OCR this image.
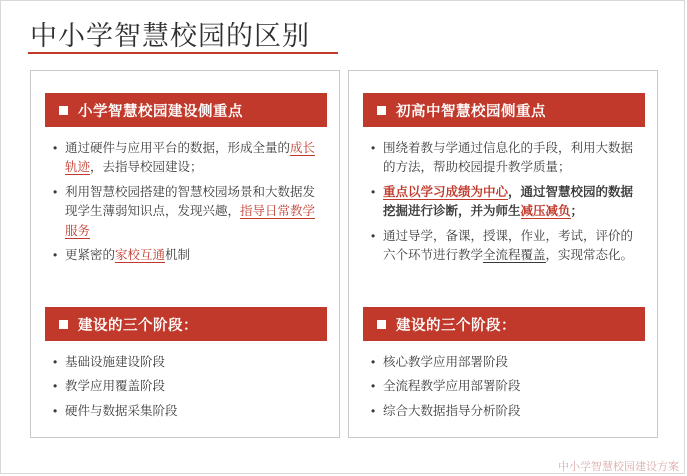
中小学智慧校园的区别
小学智慧校园建设侧重点
• 通过硬件与应用平台的数据，形成全量的成长轨迹，去指导校园建设；
• 利用智慧校园搭建的智慧校园场景和大数据发现学生薄弱知识点，发现兴趣，指导日常教学服务
• 更紧密的家校互通机制
建设的三个阶段：
• 基础设施建设阶段
• 教学应用覆盖阶段
• 硬件与数据采集阶段
初高中智慧校园侧重点
• 围绕着教与学通过信息化的手段，利用大数据的方法，帮助校园提升教学质量；
• 重点以学习成绩为中心，通过智慧校园的数据挖掘进行诊断，并为师生减压减负；
• 通过导学，备课，授课，作业，考试，评价的六个环节进行教学全流程覆盖，实现常态化。
建设的三个阶段：
• 核心教学应用部署阶段
• 全流程教学应用部署阶段
• 综合大数据指导分析阶段
中小学智慧校园建设方案
